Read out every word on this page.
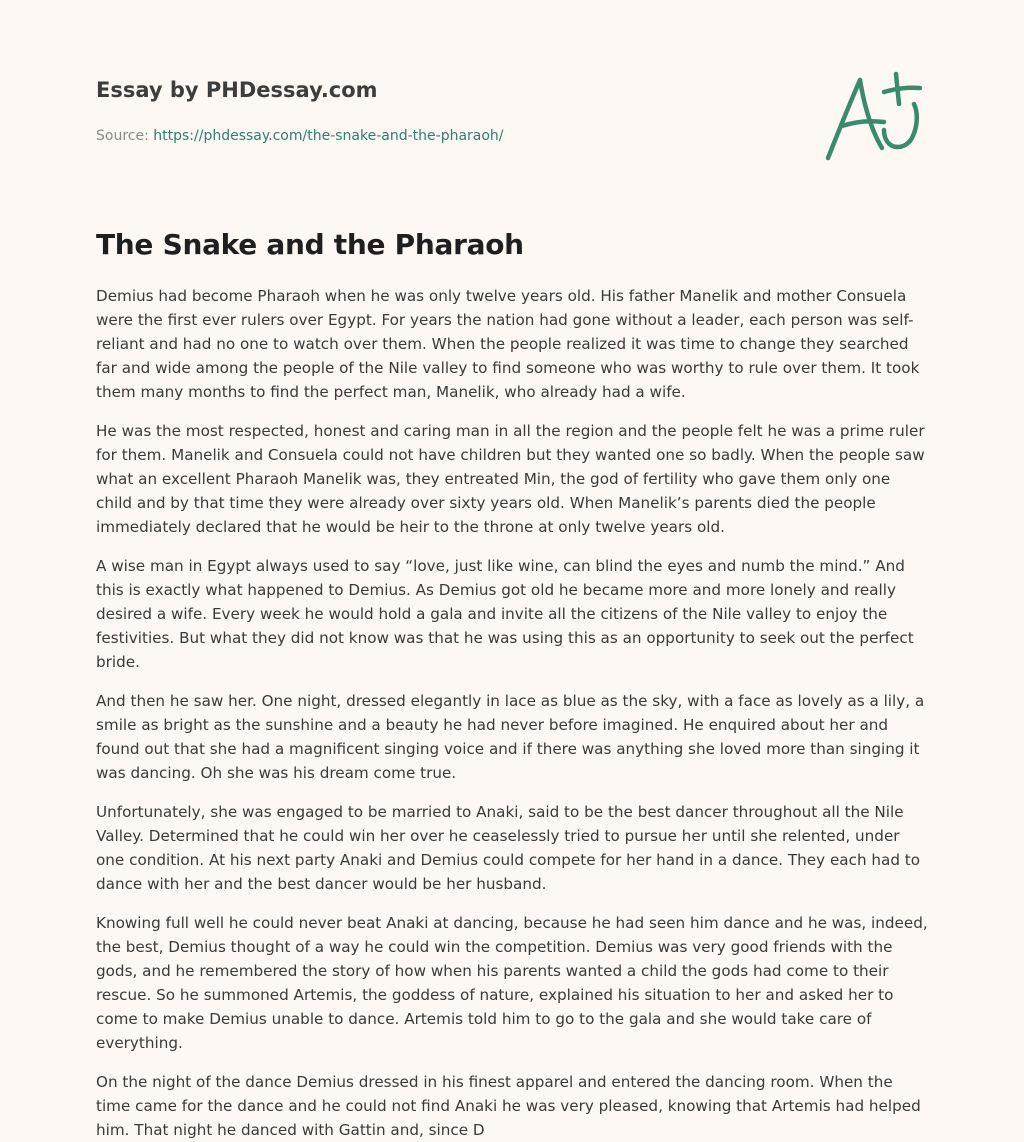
Essay by PHDessay.com
Source: https://phdessay.com/the-snake-and-the-pharaoh/
The Snake and the Pharaoh

Demius had become Pharaoh when he was only twelve years old. His father Manelik and mother Consuela were the first ever rulers over Egypt. For years the nation had gone without a leader, each person was self-reliant and had no one to watch over them. When the people realized it was time to change they searched far and wide among the people of the Nile valley to find someone who was worthy to rule over them. It took them many months to find the perfect man, Manelik, who already had a wife.

He was the most respected, honest and caring man in all the region and the people felt he was a prime ruler for them. Manelik and Consuela could not have children but they wanted one so badly. When the people saw what an excellent Pharaoh Manelik was, they entreated Min, the god of fertility who gave them only one child and by that time they were already over sixty years old. When Manelik’s parents died the people immediately declared that he would be heir to the throne at only twelve years old.

A wise man in Egypt always used to say “love, just like wine, can blind the eyes and numb the mind.” And this is exactly what happened to Demius. As Demius got old he became more and more lonely and really desired a wife. Every week he would hold a gala and invite all the citizens of the Nile valley to enjoy the festivities. But what they did not know was that he was using this as an opportunity to seek out the perfect bride.

And then he saw her. One night, dressed elegantly in lace as blue as the sky, with a face as lovely as a lily, a smile as bright as the sunshine and a beauty he had never before imagined. He enquired about her and found out that she had a magnificent singing voice and if there was anything she loved more than singing it was dancing. Oh she was his dream come true.

Unfortunately, she was engaged to be married to Anaki, said to be the best dancer throughout all the Nile Valley. Determined that he could win her over he ceaselessly tried to pursue her until she relented, under one condition. At his next party Anaki and Demius could compete for her hand in a dance. They each had to dance with her and the best dancer would be her husband.

Knowing full well he could never beat Anaki at dancing, because he had seen him dance and he was, indeed, the best, Demius thought of a way he could win the competition. Demius was very good friends with the gods, and he remembered the story of how when his parents wanted a child the gods had come to their rescue. So he summoned Artemis, the goddess of nature, explained his situation to her and asked her to come to make Demius unable to dance. Artemis told him to go to the gala and she would take care of everything.

On the night of the dance Demius dressed in his finest apparel and entered the dancing room. When the time came for the dance and he could not find Anaki he was very pleased, knowing that Artemis had helped him. That night he danced with Gattin and, since D
